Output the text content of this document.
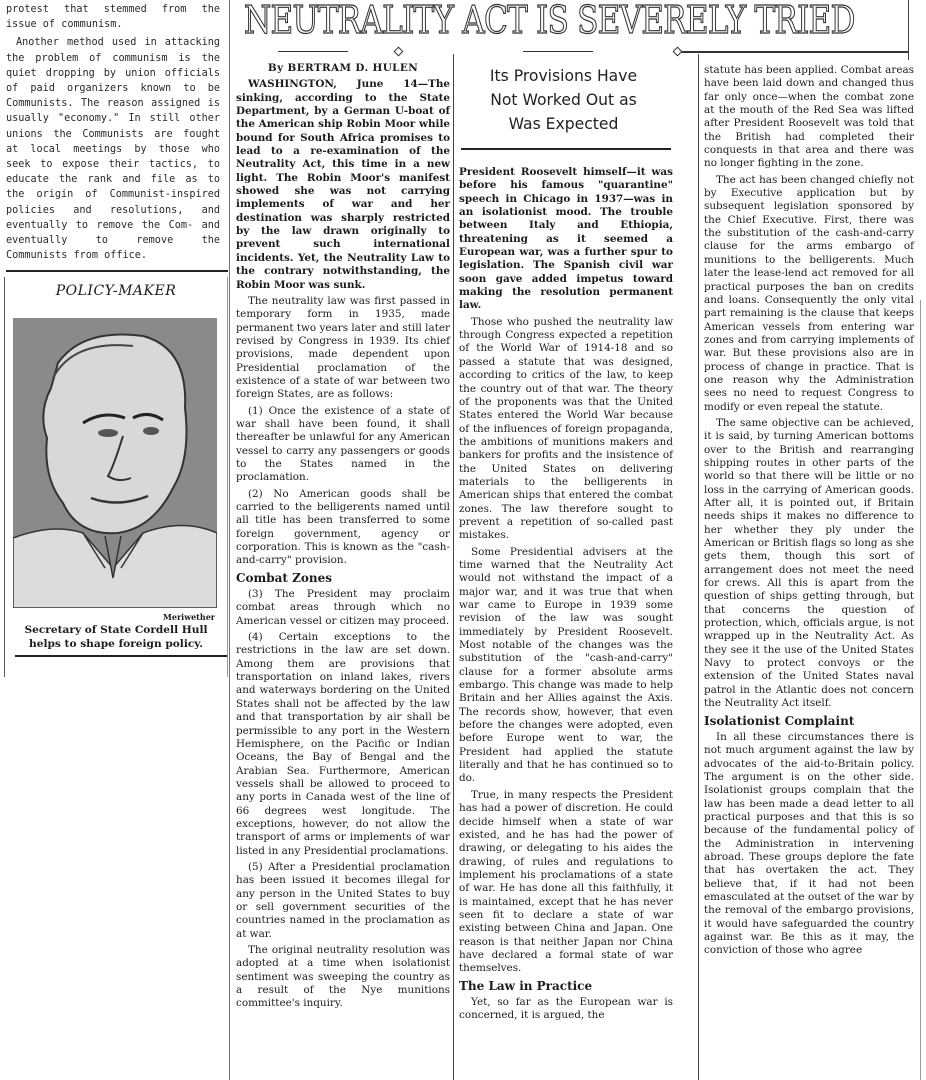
protest that stemmed from the issue of communism.

Another method used in attacking the problem of communism is the quiet dropping by union officials of paid organizers known to be Communists. The reason assigned is usually "economy." In still other unions the Communists are fought at local meetings by those who seek to expose their tactics, to educate the rank and file as to the origin of Communist-inspired policies and resolutions, and eventually to remove the Com- and eventually to remove the Communists from office.

NEUTRALITY ACT IS SEVERELY TRIED
POLICY-MAKER
Meriwether
Secretary of State Cordell Hull
helps to shape foreign policy.

By BERTRAM D. HULEN

WASHINGTON, June 14—The sinking, according to the State Department, by a German U-boat of the American ship Robin Moor while bound for South Africa promises to lead to a re-examination of the Neutrality Act, this time in a new light. The Robin Moor's manifest showed she was not carrying implements of war and her destination was sharply restricted by the law drawn originally to prevent such international incidents. Yet, the Neutrality Law to the contrary notwithstanding, the Robin Moor was sunk.

The neutrality law was first passed in temporary form in 1935, made permanent two years later and still later revised by Congress in 1939. Its chief provisions, made dependent upon Presidential proclamation of the existence of a state of war between two foreign States, are as follows:

(1) Once the existence of a state of war shall have been found, it shall thereafter be unlawful for any American vessel to carry any passengers or goods to the States named in the proclamation.

(2) No American goods shall be carried to the belligerents named until all title has been transferred to some foreign government, agency or corporation. This is known as the "cash-and-carry" provision.

Combat Zones

(3) The President may proclaim combat areas through which no American vessel or citizen may proceed.

(4) Certain exceptions to the restrictions in the law are set down. Among them are provisions that transportation on inland lakes, rivers and waterways bordering on the United States shall not be affected by the law and that transportation by air shall be permissible to any port in the Western Hemisphere, on the Pacific or Indian Oceans, the Bay of Bengal and the Arabian Sea. Furthermore, American vessels shall be allowed to proceed to any ports in Canada west of the line of 66 degrees west longitude. The exceptions, however, do not allow the transport of arms or implements of war listed in any Presidential proclamations.

(5) After a Presidential proclamation has been issued it becomes illegal for any person in the United States to buy or sell government securities of the countries named in the proclamation as at war.

The original neutrality resolution was adopted at a time when isolationist sentiment was sweeping the country as a result of the Nye munitions committee's inquiry.

Its Provisions Have
Not Worked Out as
Was Expected

President Roosevelt himself—it was before his famous "quarantine" speech in Chicago in 1937—was in an isolationist mood. The trouble between Italy and Ethiopia, threatening as it seemed a European war, was a further spur to legislation. The Spanish civil war soon gave added impetus toward making the resolution permanent law.

Those who pushed the neutrality law through Congress expected a repetition of the World War of 1914-18 and so passed a statute that was designed, according to critics of the law, to keep the country out of that war. The theory of the proponents was that the United States entered the World War because of the influences of foreign propaganda, the ambitions of munitions makers and bankers for profits and the insistence of the United States on delivering materials to the belligerents in American ships that entered the combat zones. The law therefore sought to prevent a repetition of so-called past mistakes.

Some Presidential advisers at the time warned that the Neutrality Act would not withstand the impact of a major war, and it was true that when war came to Europe in 1939 some revision of the law was sought immediately by President Roosevelt. Most notable of the changes was the substitution of the "cash-and-carry" clause for a former absolute arms embargo. This change was made to help Britain and her Allies against the Axis. The records show, however, that even before the changes were adopted, even before Europe went to war, the President had applied the statute literally and that he has continued so to do.

True, in many respects the President has had a power of discretion. He could decide himself when a state of war existed, and he has had the power of drawing, or delegating to his aides the drawing, of rules and regulations to implement his proclamations of a state of war. He has done all this faithfully, it is maintained, except that he has never seen fit to declare a state of war existing between China and Japan. One reason is that neither Japan nor China have declared a formal state of war themselves.

The Law in Practice

Yet, so far as the European war is concerned, it is argued, the

statute has been applied. Combat areas have been laid down and changed thus far only once—when the combat zone at the mouth of the Red Sea was lifted after President Roosevelt was told that the British had completed their conquests in that area and there was no longer fighting in the zone.

The act has been changed chiefly not by Executive application but by subsequent legislation sponsored by the Chief Executive. First, there was the substitution of the cash-and-carry clause for the arms embargo of munitions to the belligerents. Much later the lease-lend act removed for all practical purposes the ban on credits and loans. Consequently the only vital part remaining is the clause that keeps American vessels from entering war zones and from carrying implements of war. But these provisions also are in process of change in practice. That is one reason why the Administration sees no need to request Congress to modify or even repeal the statute.

The same objective can be achieved, it is said, by turning American bottoms over to the British and rearranging shipping routes in other parts of the world so that there will be little or no loss in the carrying of American goods. After all, it is pointed out, if Britain needs ships it makes no difference to her whether they ply under the American or British flags so long as she gets them, though this sort of arrangement does not meet the need for crews. All this is apart from the question of ships getting through, but that concerns the question of protection, which, officials argue, is not wrapped up in the Neutrality Act. As they see it the use of the United States Navy to protect convoys or the extension of the United States naval patrol in the Atlantic does not concern the Neutrality Act itself.

Isolationist Complaint

In all these circumstances there is not much argument against the law by advocates of the aid-to-Britain policy. The argument is on the other side. Isolationist groups complain that the law has been made a dead letter to all practical purposes and that this is so because of the fundamental policy of the Administration in intervening abroad. These groups deplore the fate that has overtaken the act. They believe that, if it had not been emasculated at the outset of the war by the removal of the embargo provisions, it would have safeguarded the country against war. Be this as it may, the conviction of those who agree
